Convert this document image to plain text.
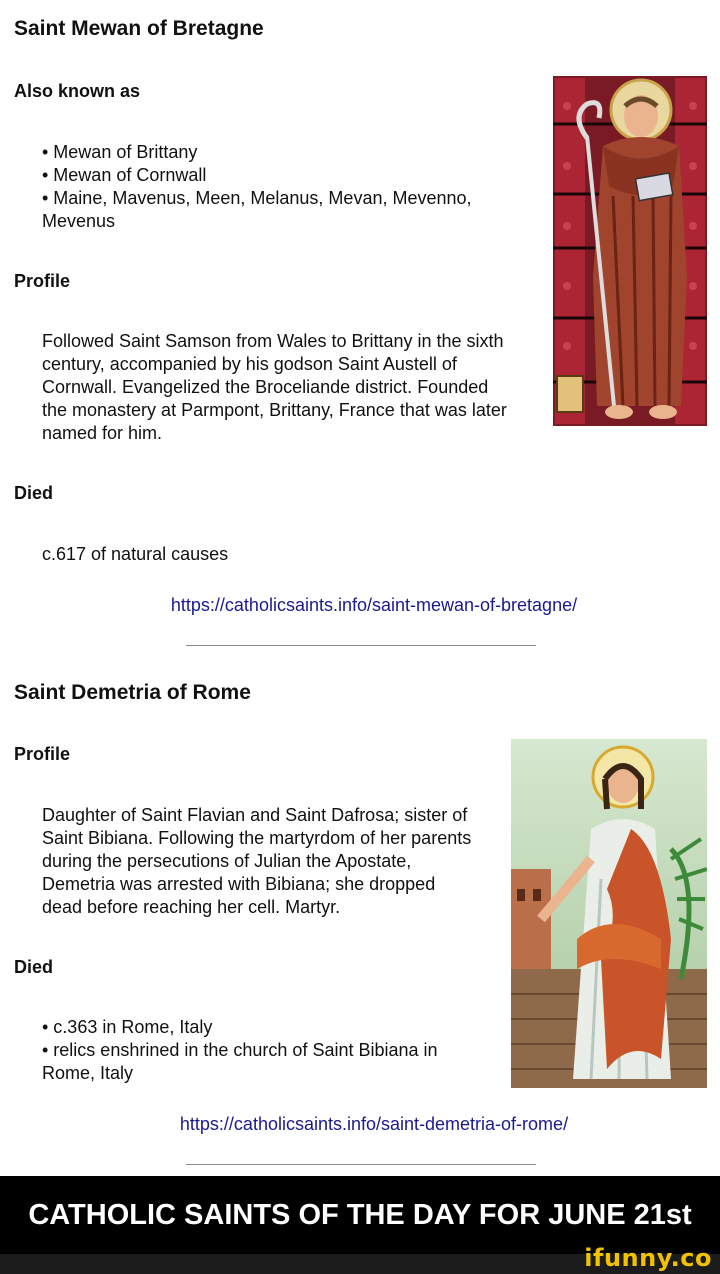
Saint Mewan of Bretagne
Also known as
• Mewan of Brittany
• Mewan of Cornwall
• Maine, Mavenus, Meen, Melanus, Mevan, Mevenno,
Mevenus
Profile
Followed Saint Samson from Wales to Brittany in the sixth
century, accompanied by his godson Saint Austell of
Cornwall. Evangelized the Broceliande district. Founded
the monastery at Parmpont, Brittany, France that was later
named for him.
Died
c.617 of natural causes
https://catholicsaints.info/saint-mewan-of-bretagne/
Saint Demetria of Rome
Profile
Daughter of Saint Flavian and Saint Dafrosa; sister of
Saint Bibiana. Following the martyrdom of her parents
during the persecutions of Julian the Apostate,
Demetria was arrested with Bibiana; she dropped
dead before reaching her cell. Martyr.
Died
• c.363 in Rome, Italy
• relics enshrined in the church of Saint Bibiana in
Rome, Italy
https://catholicsaints.info/saint-demetria-of-rome/
CATHOLIC SAINTS OF THE DAY FOR JUNE 21st
ifunny.co
